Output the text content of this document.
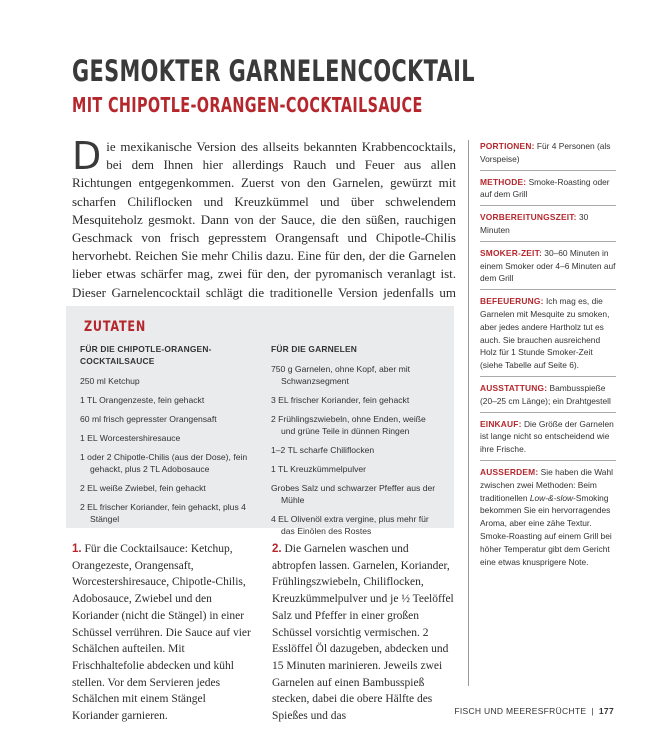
GESMOKTER GARNELENCOCKTAIL
MIT CHIPOTLE-ORANGEN-COCKTAILSAUCE

Die mexikanische Version des allseits bekannten Krabbencocktails, bei dem Ihnen hier allerdings Rauch und Feuer aus allen Richtungen entgegenkommen. Zuerst von den Garnelen, gewürzt mit scharfen Chiliflocken und Kreuzkümmel und über schwelendem Mesquiteholz gesmokt. Dann von der Sauce, die den süßen, rauchigen Geschmack von frisch gepresstem Orangensaft und Chipotle-Chilis hervorhebt. Reichen Sie mehr Chilis dazu. Eine für den, der die Garnelen lieber etwas schärfer mag, zwei für den, der pyromanisch veranlagt ist. Dieser Garnelencocktail schlägt die traditionelle Version jedenfalls um

ZUTATEN
FÜR DIE CHIPOTLE-ORANGEN-COCKTAILSAUCE
250 ml Ketchup
1 TL Orangenzeste, fein gehackt
60 ml frisch gepresster Orangensaft
1 EL Worcestershiresauce
1 oder 2 Chipotle-Chilis (aus der Dose), fein gehackt, plus 2 TL Adobosauce
2 EL weiße Zwiebel, fein gehackt
2 EL frischer Koriander, fein gehackt, plus 4 Stängel
FÜR DIE GARNELEN
750 g Garnelen, ohne Kopf, aber mit Schwanzsegment
3 EL frischer Koriander, fein gehackt
2 Frühlingszwiebeln, ohne Enden, weiße und grüne Teile in dünnen Ringen
1–2 TL scharfe Chiliflocken
1 TL Kreuzkümmelpulver
Grobes Salz und schwarzer Pfeffer aus der Mühle
4 EL Olivenöl extra vergine, plus mehr für das Einölen des Rostes

1. Für die Cocktailsauce: Ketchup, Orangezeste, Orangensaft, Worcestershiresauce, Chipotle-Chilis, Adobosauce, Zwiebel und den Koriander (nicht die Stängel) in einer Schüssel verrühren. Die Sauce auf vier Schälchen aufteilen. Mit Frischhaltefolie abdecken und kühl stellen. Vor dem Servieren jedes Schälchen mit einem Stängel Koriander garnieren.

2. Die Garnelen waschen und abtropfen lassen. Garnelen, Koriander, Frühlingszwiebeln, Chiliflocken, Kreuzkümmelpulver und je ½ Teelöffel Salz und Pfeffer in einer großen Schüssel vorsichtig vermischen. 2 Esslöffel Öl dazugeben, abdecken und 15 Minuten marinieren. Jeweils zwei Garnelen auf einen Bambusspieß stecken, dabei die obere Hälfte des Spießes und das

PORTIONEN: Für 4 Personen (als Vorspeise)
METHODE: Smoke-Roasting oder auf dem Grill
VORBEREITUNGSZEIT: 30 Minuten
SMOKER-ZEIT: 30–60 Minuten in einem Smoker oder 4–6 Minuten auf dem Grill
BEFEUERUNG: Ich mag es, die Garnelen mit Mesquite zu smoken, aber jedes andere Hartholz tut es auch. Sie brauchen ausreichend Holz für 1 Stunde Smoker-Zeit (siehe Tabelle auf Seite 6).
AUSSTATTUNG: Bambusspieße (20–25 cm Länge); ein Drahtgestell
EINKAUF: Die Größe der Garnelen ist lange nicht so entscheidend wie ihre Frische.
AUSSERDEM: Sie haben die Wahl zwischen zwei Methoden: Beim traditionellen Low-&-slow-Smoking bekommen Sie ein hervorragendes Aroma, aber eine zähe Textur. Smoke-Roasting auf einem Grill bei höher Temperatur gibt dem Gericht eine etwas knusprigere Note.
FISCH UND MEERESFRÜCHTE | 177
